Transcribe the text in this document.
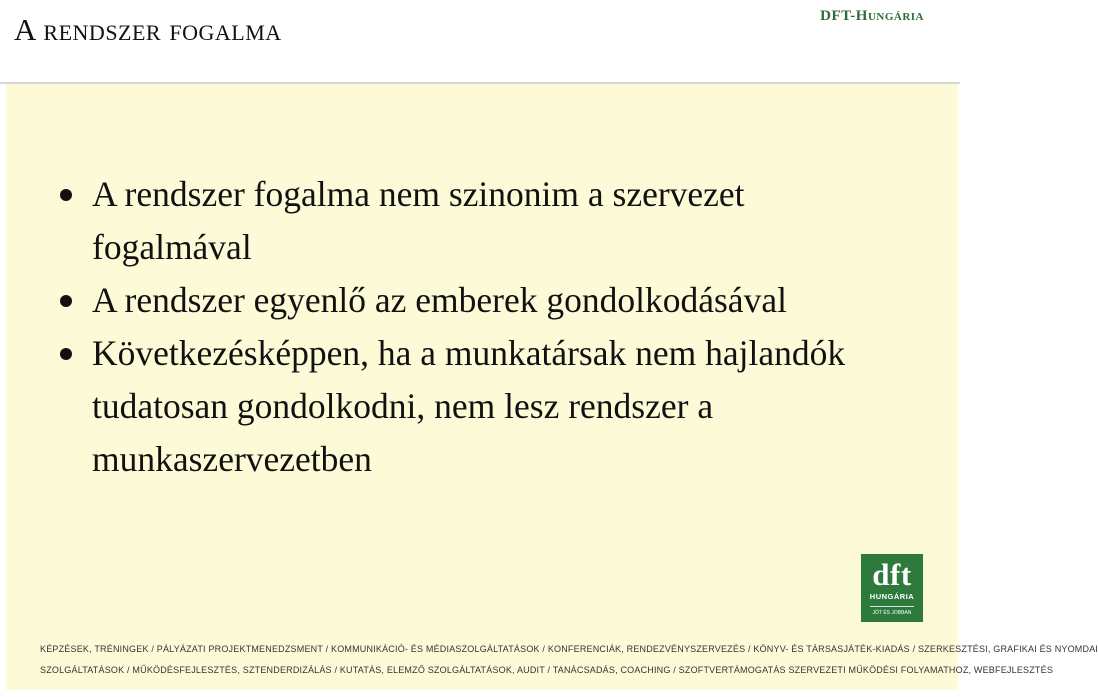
A rendszer fogalma	DFT-Hungária
A rendszer fogalma nem szinonim a szervezet fogalmával
A rendszer egyenlő az emberek gondolkodásával
Következésképpen, ha a munkatársak nem hajlandók tudatosan gondolkodni, nem lesz rendszer a munkaszervezetben
dft
HUNGÁRIA
JÓT ÉS JOBBAN
KÉPZÉSEK, TRÉNINGEK / PÁLYÁZATI PROJEKTMENEDZSMENT / KOMMUNIKÁCIÓ- ÉS MÉDIASZOLGÁLTATÁSOK / KONFERENCIÁK, RENDEZVÉNYSZERVEZÉS / KÖNYV- ÉS TÁRSASJÁTÉK-KIADÁS / SZERKESZTÉSI, GRAFIKAI ÉS NYOMDAI
SZOLGÁLTATÁSOK / MŰKÖDÉSFEJLESZTÉS, SZTENDERDIZÁLÁS / KUTATÁS, ELEMZŐ SZOLGÁLTATÁSOK, AUDIT / TANÁCSADÁS, COACHING / SZOFTVERTÁMOGATÁS SZERVEZETI MŰKÖDÉSI FOLYAMATHOZ, WEBFEJLESZTÉS
